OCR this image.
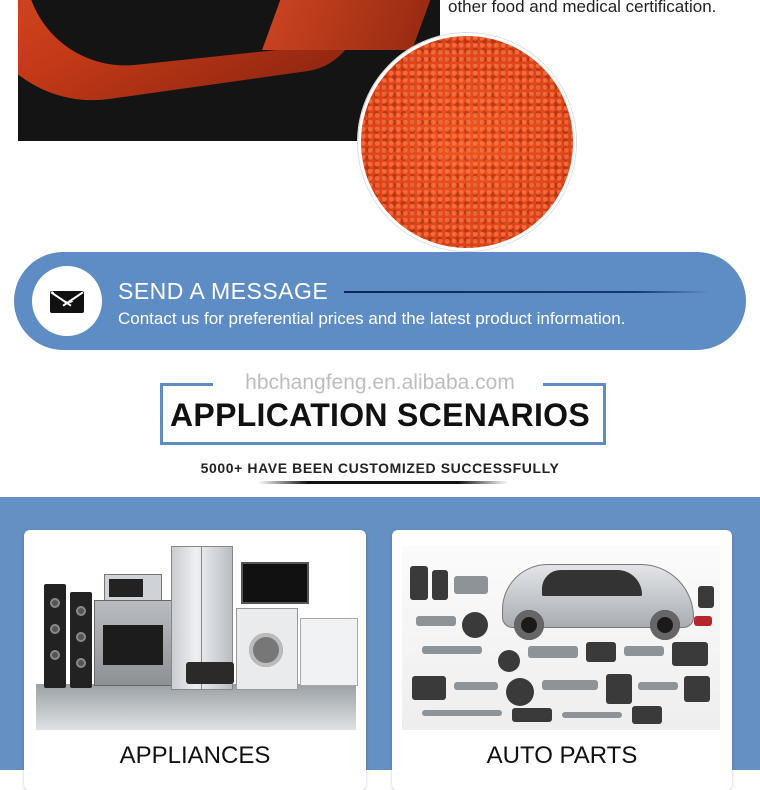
other food and medical certification.
SEND A MESSAGE
Contact us for preferential prices and the latest product information.
hbchangfeng.en.alibaba.com
APPLICATION SCENARIOS
5000+ HAVE BEEN CUSTOMIZED SUCCESSFULLY
APPLIANCES	AUTO PARTS
